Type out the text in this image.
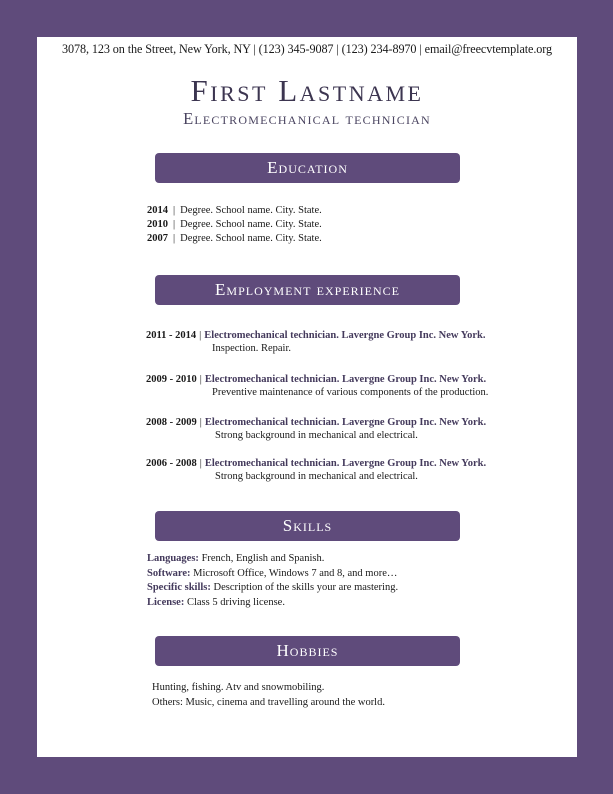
3078, 123 on the Street, New York, NY | (123) 345-9087 | (123) 234-8970 | email@freecvtemplate.org
First Lastname
Electromechanical technician
Education
2014 | Degree. School name. City. State.
2010 | Degree. School name. City. State.
2007 | Degree. School name. City. State.
Employment experience
2011 - 2014 | Electromechanical technician. Lavergne Group Inc. New York.
Inspection. Repair.
2009 - 2010 | Electromechanical technician. Lavergne Group Inc. New York.
Preventive maintenance of various components of the production.
2008 - 2009 | Electromechanical technician. Lavergne Group Inc. New York.
Strong background in mechanical and electrical.
2006 - 2008 | Electromechanical technician. Lavergne Group Inc. New York.
Strong background in mechanical and electrical.
Skills
Languages: French, English and Spanish.
Software: Microsoft Office, Windows 7 and 8, and more…
Specific skills: Description of the skills your are mastering.
License: Class 5 driving license.
Hobbies
Hunting, fishing. Atv and snowmobiling.
Others: Music, cinema and travelling around the world.
